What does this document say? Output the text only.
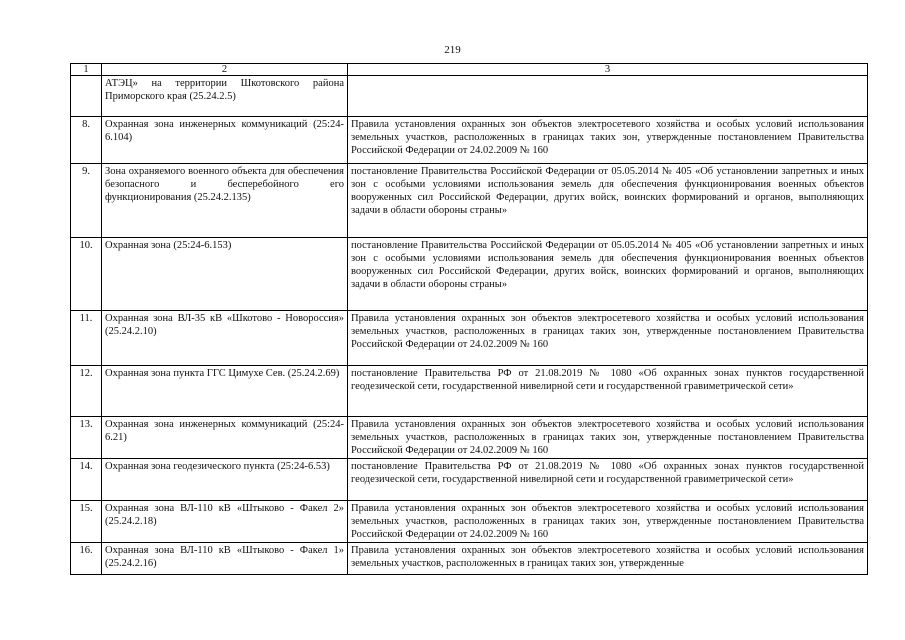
219
1	2	3
	АТЭЦ» на территории Шкотовского района Приморского края (25.24.2.5)	
8.	Охранная зона инженерных коммуникаций (25:24-6.104)	Правила установления охранных зон объектов электросетевого хозяйства и особых условий использования земельных участков, расположенных в границах таких зон, утвержденные постановлением Правительства Российской Федерации от 24.02.2009 № 160
9.	Зона охраняемого военного объекта для обеспечения безопасного и бесперебойного его функционирования (25.24.2.135)	постановление Правительства Российской Федерации от 05.05.2014 № 405 «Об установлении запретных и иных зон с особыми условиями использования земель для обеспечения функционирования военных объектов вооруженных сил Российской Федерации, других войск, воинских формирований и органов, выполняющих задачи в области обороны страны»
10.	Охранная зона (25:24-6.153)	постановление Правительства Российской Федерации от 05.05.2014 № 405 «Об установлении запретных и иных зон с особыми условиями использования земель для обеспечения функционирования военных объектов вооруженных сил Российской Федерации, других войск, воинских формирований и органов, выполняющих задачи в области обороны страны»
11.	Охранная зона ВЛ-35 кВ «Шкотово - Новороссия» (25.24.2.10)	Правила установления охранных зон объектов электросетевого хозяйства и особых условий использования земельных участков, расположенных в границах таких зон, утвержденные постановлением Правительства Российской Федерации от 24.02.2009 № 160
12.	Охранная зона пункта ГГС Цимухе Сев. (25.24.2.69)	постановление Правительства РФ от 21.08.2019 № 1080 «Об охранных зонах пунктов государственной геодезической сети, государственной нивелирной сети и государственной гравиметрической сети»
13.	Охранная зона инженерных коммуникаций (25:24-6.21)	Правила установления охранных зон объектов электросетевого хозяйства и особых условий использования земельных участков, расположенных в границах таких зон, утвержденные постановлением Правительства Российской Федерации от 24.02.2009 № 160
14.	Охранная зона геодезического пункта (25:24-6.53)	постановление Правительства РФ от 21.08.2019 № 1080 «Об охранных зонах пунктов государственной геодезической сети, государственной нивелирной сети и государственной гравиметрической сети»
15.	Охранная зона ВЛ-110 кВ «Штыково - Факел 2» (25.24.2.18)	Правила установления охранных зон объектов электросетевого хозяйства и особых условий использования земельных участков, расположенных в границах таких зон, утвержденные постановлением Правительства Российской Федерации от 24.02.2009 № 160
16.	Охранная зона ВЛ-110 кВ «Штыково - Факел 1» (25.24.2.16)	Правила установления охранных зон объектов электросетевого хозяйства и особых условий использования земельных участков, расположенных в границах таких зон, утвержденные
